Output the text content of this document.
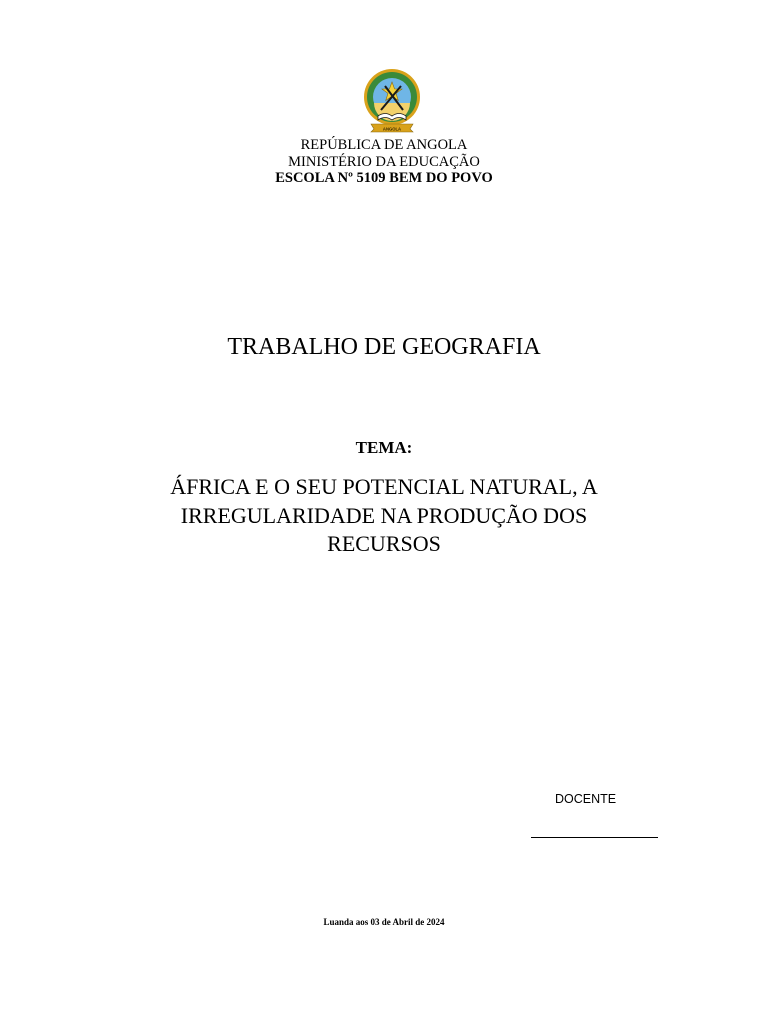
ANGOLA
REPÚBLICA DE ANGOLA
MINISTÉRIO DA EDUCAÇÃO
ESCOLA Nº 5109 BEM DO POVO
TRABALHO DE GEOGRAFIA
TEMA:
ÁFRICA E O SEU POTENCIAL NATURAL, A
IRREGULARIDADE NA PRODUÇÃO DOS
RECURSOS
DOCENTE
Luanda aos 03 de Abril de 2024
